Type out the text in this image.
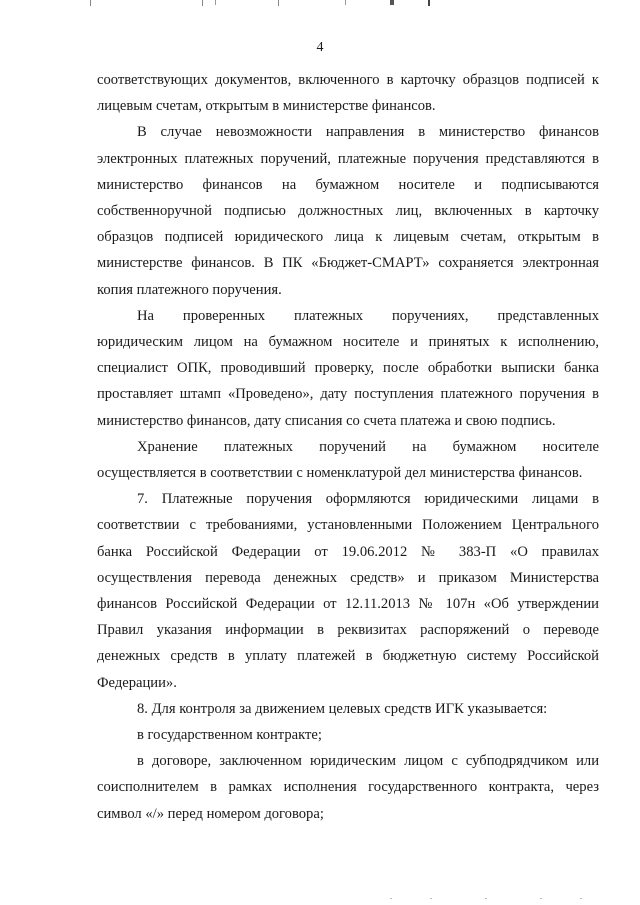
4
соответствующих документов, включенного в карточку образцов подписей к
лицевым счетам, открытым в министерстве финансов.
В случае невозможности направления в министерство финансов
электронных платежных поручений, платежные поручения представляются в
министерство финансов на бумажном носителе и подписываются
собственноручной подписью должностных лиц, включенных в карточку
образцов подписей юридического лица к лицевым счетам, открытым в
министерстве финансов. В ПК «Бюджет-СМАРТ» сохраняется электронная
копия платежного поручения.
На проверенных платежных поручениях, представленных
юридическим лицом на бумажном носителе и принятых к исполнению,
специалист ОПК, проводивший проверку, после обработки выписки банка
проставляет штамп «Проведено», дату поступления платежного поручения в
министерство финансов, дату списания со счета платежа и свою подпись.
Хранение платежных поручений на бумажном носителе
осуществляется в соответствии с номенклатурой дел министерства финансов.
7. Платежные поручения оформляются юридическими лицами в
соответствии с требованиями, установленными Положением Центрального
банка Российской Федерации от 19.06.2012 № 383-П «О правилах
осуществления перевода денежных средств» и приказом Министерства
финансов Российской Федерации от 12.11.2013 № 107н «Об утверждении
Правил указания информации в реквизитах распоряжений о переводе
денежных средств в уплату платежей в бюджетную систему Российской
Федерации».
8. Для контроля за движением целевых средств ИГК указывается:
в государственном контракте;
в договоре, заключенном юридическим лицом с субподрядчиком или
соисполнителем в рамках исполнения государственного контракта, через
символ «/» перед номером договора;
